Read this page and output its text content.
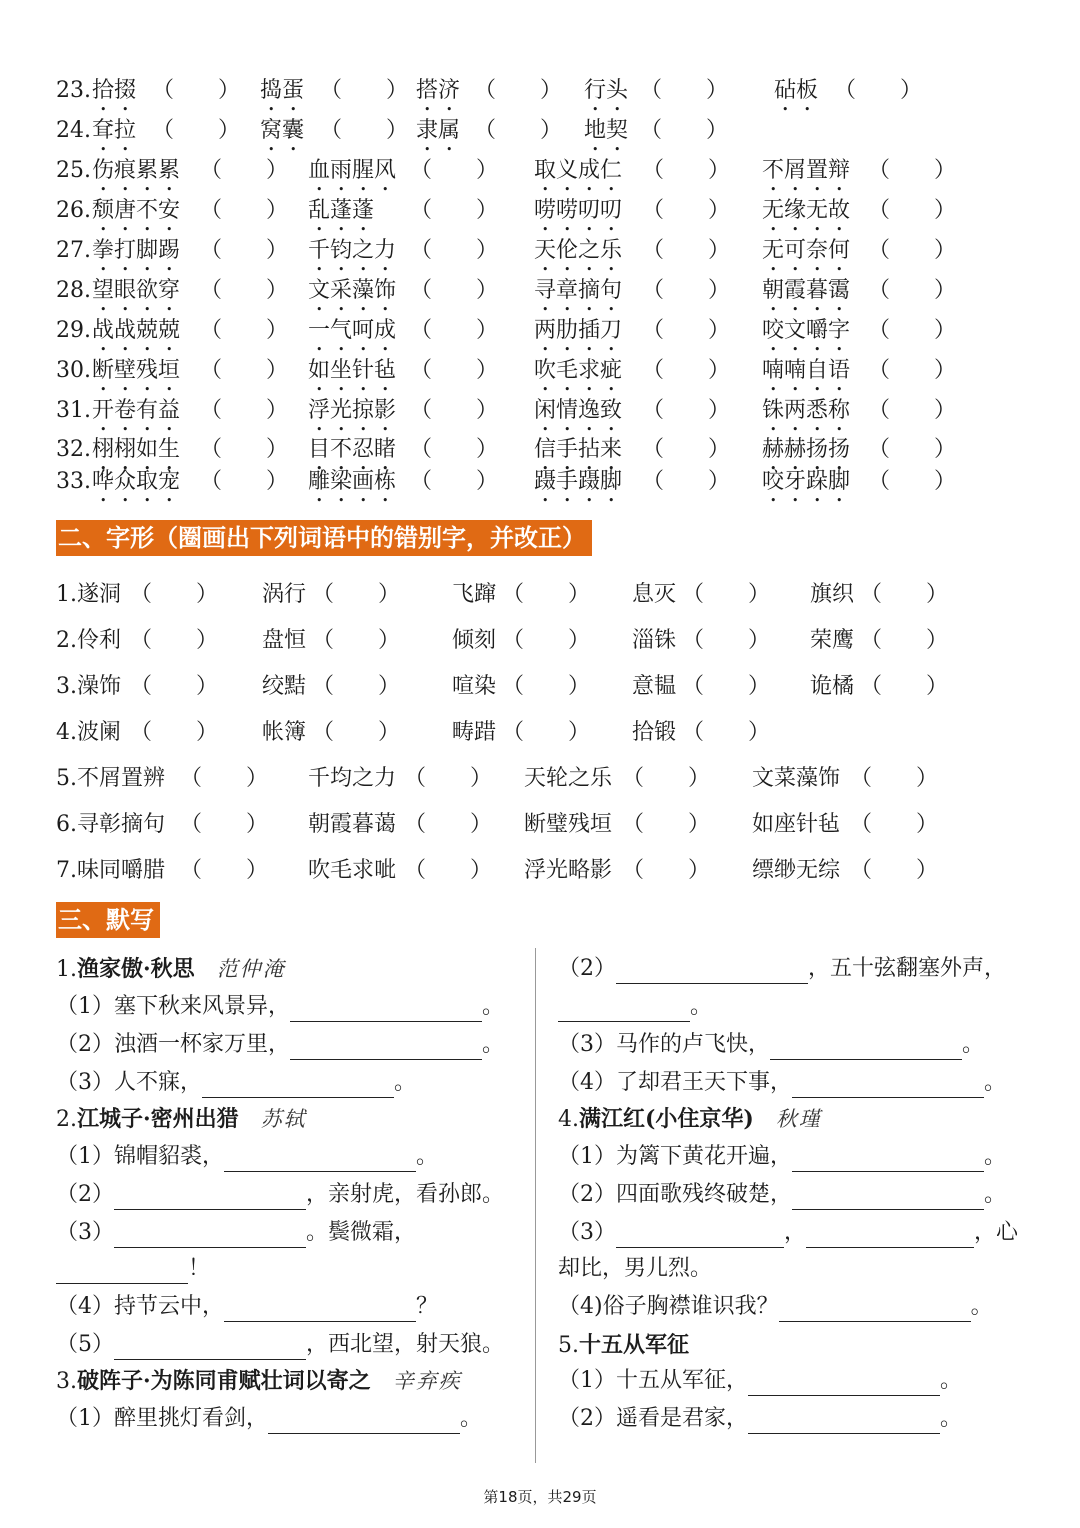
23. 拾掇 （　　） 捣蛋 （　　） 搭济 （　　） 行头 （　　） 砧板 （　　）
24. 耷拉 （　　） 窝囊 （　　） 隶属 （　　） 地契 （　　）
25. 伤痕累累 （　　） 血雨腥风 （　　） 取义成仁 （　　） 不屑置辩 （　　）
26. 颓唐不安 （　　） 乱蓬蓬 （　　） 唠唠叨叨 （　　） 无缘无故 （　　）
27. 拳打脚踢 （　　） 千钧之力 （　　） 天伦之乐 （　　） 无可奈何 （　　）
28. 望眼欲穿 （　　） 文采藻饰 （　　） 寻章摘句 （　　） 朝霞暮霭 （　　）
29. 战战兢兢 （　　） 一气呵成 （　　） 两肋插刀 （　　） 咬文嚼字 （　　）
30. 断壁残垣 （　　） 如坐针毡 （　　） 吹毛求疵 （　　） 喃喃自语 （　　）
31. 开卷有益 （　　） 浮光掠影 （　　） 闲情逸致 （　　） 铢两悉称 （　　）
32. 栩栩如生 （　　） 目不忍睹 （　　） 信手拈来 （　　） 赫赫扬扬 （　　）
33. 哗众取宠 （　　） 雕梁画栋 （　　） 蹑手蹑脚 （　　） 咬牙跺脚 （　　）
二、字形（圈画出下列词语中的错别字，并改正）
1.遂洞 （　　） 涡行 （　　） 飞蹿 （　　） 息灭 （　　） 旗织 （　　）
2.伶利 （　　） 盘恒 （　　） 倾刻 （　　） 淄铢 （　　） 荣鹰 （　　）
3.澡饰 （　　） 绞黠 （　　） 喧染 （　　） 意韫 （　　） 诡橘 （　　）
4.波阑 （　　） 帐簿 （　　） 畴踖 （　　） 拾锻 （　　）
5.不屑置辨 （　　） 千均之力 （　　） 天轮之乐 （　　） 文菜藻饰 （　　）
6.寻彰摘句 （　　） 朝霞暮蔼 （　　） 断璧残垣 （　　） 如座针毡 （　　）
7.味同嚼腊 （　　） 吹毛求呲 （　　） 浮光略影 （　　） 缥缈无综 （　　）
三、默写
1.渔家傲·秋思　 范仲淹
（1）塞下秋来风景异，	。
（2）浊酒一杯家万里，	。
（3）人不寐，	。
2.江城子·密州出猎　 苏轼
（1）锦帽貂裘，	。
（2）	，亲射虎，看孙郎。
（3）	。鬓微霜，
！
（4）持节云中，	？
（5）	，西北望，射天狼。
3.破阵子·为陈同甫赋壮词以寄之　 辛弃疾
（1）醉里挑灯看剑，	。
（2）	，五十弦翻塞外声，
。
（3）马作的卢飞快，	。
（4）了却君王天下事，	。
4.满江红(小住京华)　 秋瑾
（1）为篱下黄花开遍，	。
（2）四面歌残终破楚，	。
（3）	，	，心
却比，男儿烈。
（4)俗子胸襟谁识我？	。
5.十五从军征
（1）十五从军征，	。
（2）遥看是君家，	。
第18页，共29页
